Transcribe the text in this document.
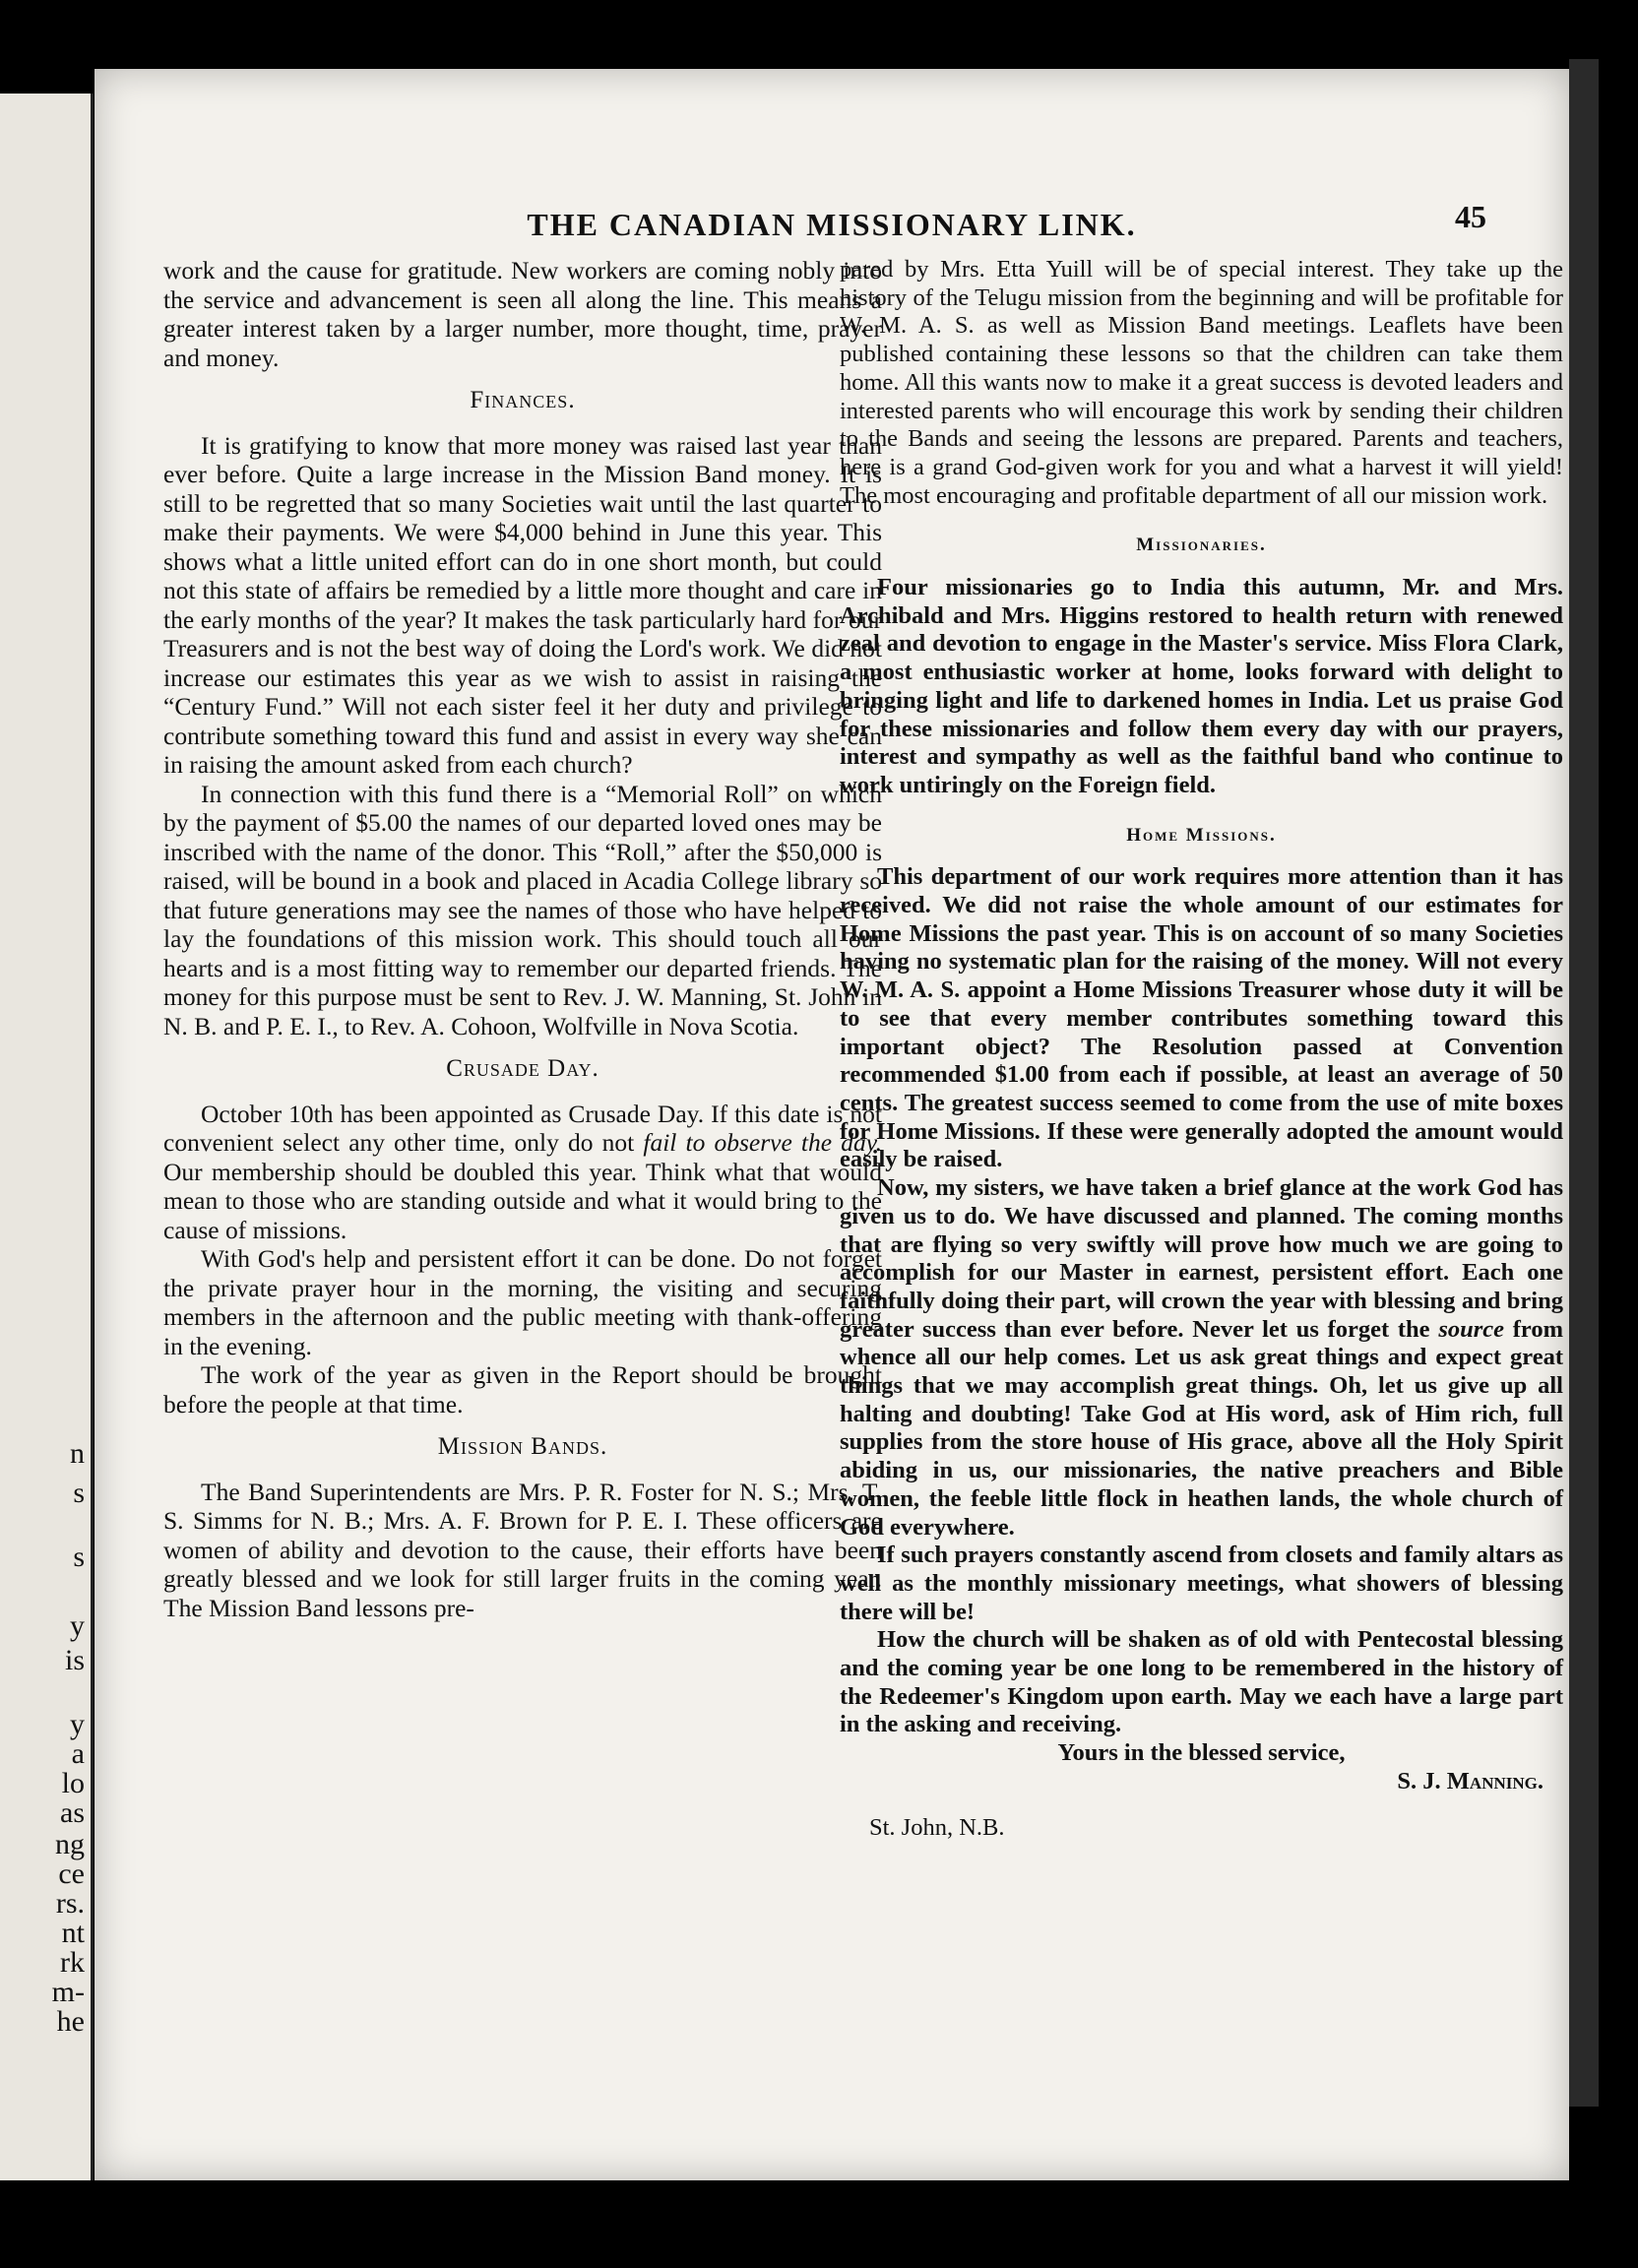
n
s
s
y
is
y
a
lo
as
ng
ce
rs.
nt
rk
m-
he
THE CANADIAN MISSIONARY LINK.	45

work and the cause for gratitude. New workers are coming nobly into the service and advancement is seen all along the line. This means a greater interest taken by a larger number, more thought, time, prayer and money.

Finances.

It is gratifying to know that more money was raised last year than ever before. Quite a large increase in the Mission Band money. It is still to be regretted that so many Societies wait until the last quarter to make their payments. We were $4,000 behind in June this year. This shows what a little united effort can do in one short month, but could not this state of affairs be remedied by a little more thought and care in the early months of the year? It makes the task particularly hard for our Treasurers and is not the best way of doing the Lord's work. We did not increase our estimates this year as we wish to assist in raising the “Century Fund.” Will not each sister feel it her duty and privilege to contribute something toward this fund and assist in every way she can in raising the amount asked from each church?

In connection with this fund there is a “Memorial Roll” on which by the payment of $5.00 the names of our departed loved ones may be inscribed with the name of the donor. This “Roll,” after the $50,000 is raised, will be bound in a book and placed in Acadia College library so that future generations may see the names of those who have helped to lay the foundations of this mission work. This should touch all our hearts and is a most fitting way to remember our departed friends. The money for this purpose must be sent to Rev. J. W. Manning, St. John in N. B. and P. E. I., to Rev. A. Cohoon, Wolfville in Nova Scotia.

Crusade Day.

October 10th has been appointed as Crusade Day. If this date is not convenient select any other time, only do not fail to observe the day. Our membership should be doubled this year. Think what that would mean to those who are standing outside and what it would bring to the cause of missions.

With God's help and persistent effort it can be done. Do not forget the private prayer hour in the morning, the visiting and securing members in the afternoon and the public meeting with thank-offering in the evening.

The work of the year as given in the Report should be brought before the people at that time.

Mission Bands.

The Band Superintendents are Mrs. P. R. Foster for N. S.; Mrs. T. S. Simms for N. B.; Mrs. A. F. Brown for P. E. I. These officers are women of ability and devotion to the cause, their efforts have been greatly blessed and we look for still larger fruits in the coming year. The Mission Band lessons pre-

pared by Mrs. Etta Yuill will be of special interest. They take up the history of the Telugu mission from the beginning and will be profitable for W. M. A. S. as well as Mission Band meetings. Leaflets have been published containing these lessons so that the children can take them home. All this wants now to make it a great success is devoted leaders and interested parents who will encourage this work by sending their children to the Bands and seeing the lessons are prepared. Parents and teachers, here is a grand God-given work for you and what a harvest it will yield! The most encouraging and profitable department of all our mission work.

Missionaries.

Four missionaries go to India this autumn, Mr. and Mrs. Archibald and Mrs. Higgins restored to health return with renewed zeal and devotion to engage in the Master's service. Miss Flora Clark, a most enthusiastic worker at home, looks forward with delight to bringing light and life to darkened homes in India. Let us praise God for these missionaries and follow them every day with our prayers, interest and sympathy as well as the faithful band who continue to work untiringly on the Foreign field.

Home Missions.

This department of our work requires more attention than it has received. We did not raise the whole amount of our estimates for Home Missions the past year. This is on account of so many Societies having no systematic plan for the raising of the money. Will not every W. M. A. S. appoint a Home Missions Treasurer whose duty it will be to see that every member contributes something toward this important object? The Resolution passed at Convention recommended $1.00 from each if possible, at least an average of 50 cents. The greatest success seemed to come from the use of mite boxes for Home Missions. If these were generally adopted the amount would easily be raised.

Now, my sisters, we have taken a brief glance at the work God has given us to do. We have discussed and planned. The coming months that are flying so very swiftly will prove how much we are going to accomplish for our Master in earnest, persistent effort. Each one faithfully doing their part, will crown the year with blessing and bring greater success than ever before. Never let us forget the source from whence all our help comes. Let us ask great things and expect great things that we may accomplish great things. Oh, let us give up all halting and doubting! Take God at His word, ask of Him rich, full supplies from the store house of His grace, above all the Holy Spirit abiding in us, our missionaries, the native preachers and Bible women, the feeble little flock in heathen lands, the whole church of God everywhere.

If such prayers constantly ascend from closets and family altars as well as the monthly missionary meetings, what showers of blessing there will be!

How the church will be shaken as of old with Pentecostal blessing and the coming year be one long to be remembered in the history of the Redeemer's Kingdom upon earth. May we each have a large part in the asking and receiving.

Yours in the blessed service,
S. J. Manning.
St. John, N.B.
